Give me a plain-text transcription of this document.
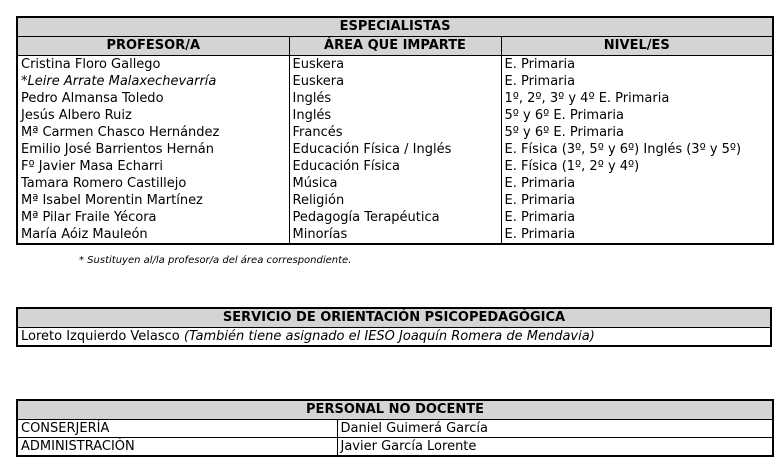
ESPECIALISTAS		
PROFESOR/A	ÁREA QUE IMPARTE	NIVEL/ES
Cristina Floro Gallego	Euskera	E. Primaria
*Leire Arrate Malaxechevarría	Euskera	E. Primaria
Pedro Almansa Toledo	Inglés	1º, 2º, 3º y 4º E. Primaria
Jesús Albero Ruiz	Inglés	5º y 6º E. Primaria
Mª Carmen Chasco Hernández	Francés	5º y 6º E. Primaria
Emilio José Barrientos Hernán	Educación Física / Inglés	E. Física (3º, 5º y 6º) Inglés (3º y 5º)
Fº Javier Masa Echarri	Educación Física	E. Física (1º, 2º y 4º)
Tamara Romero Castillejo	Música	E. Primaria
Mª Isabel Morentin Martínez	Religión	E. Primaria
Mª Pilar Fraile Yécora	Pedagogía Terapéutica	E. Primaria
María Aóiz Mauleón	Minorías	E. Primaria
* Sustituyen al/la profesor/a del área correspondiente.
SERVICIO DE ORIENTACIÓN PSICOPEDAGÓGICA
Loreto Izquierdo Velasco (También tiene asignado el IESO Joaquín Romera de Mendavia)
PERSONAL NO DOCENTE	
CONSERJERÍA	Daniel Guimerá García
ADMINISTRACIÓN	Javier García Lorente
